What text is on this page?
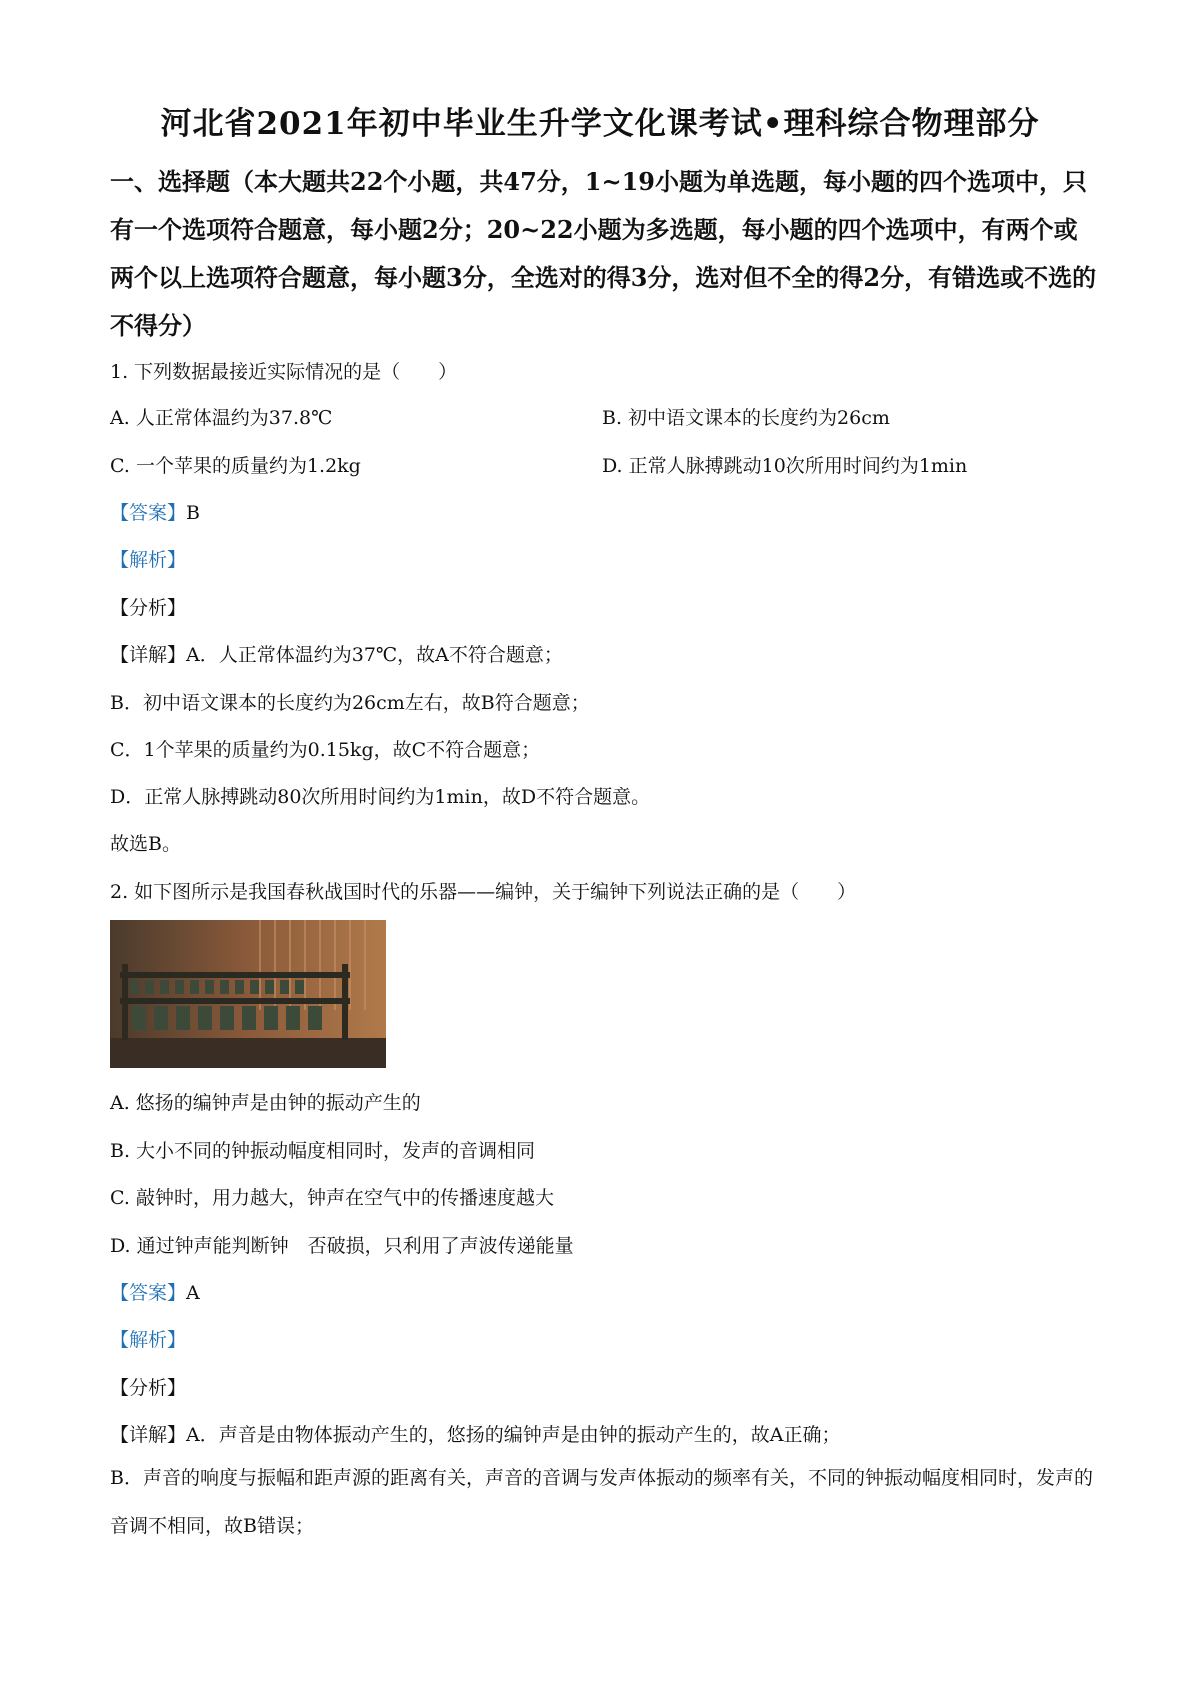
河北省2021年初中毕业生升学文化课考试•理科综合物理部分
一、选择题（本大题共22个小题，共47分，1~19小题为单选题，每小题的四个选项中，只有一个选项符合题意，每小题2分；20~22小题为多选题，每小题的四个选项中，有两个或两个以上选项符合题意，每小题3分，全选对的得3分，选对但不全的得2分，有错选或不选的不得分）
1. 下列数据最接近实际情况的是（　　）
A. 人正常体温约为37.8℃	B. 初中语文课本的长度约为26cm
C. 一个苹果的质量约为1.2kg	D. 正常人脉搏跳动10次所用时间约为1min
【答案】B
【解析】
【分析】
【详解】A．人正常体温约为37℃，故A不符合题意；
B．初中语文课本的长度约为26cm左右，故B符合题意；
C．1个苹果的质量约为0.15kg，故C不符合题意；
D．正常人脉搏跳动80次所用时间约为1min，故D不符合题意。
故选B。
2. 如下图所示是我国春秋战国时代的乐器——编钟，关于编钟下列说法正确的是（　　）
A. 悠扬的编钟声是由钟的振动产生的
B. 大小不同的钟振动幅度相同时，发声的音调相同
C. 敲钟时，用力越大，钟声在空气中的传播速度越大
D. 通过钟声能判断钟　否破损，只利用了声波传递能量
【答案】A
【解析】
【分析】
【详解】A．声音是由物体振动产生的，悠扬的编钟声是由钟的振动产生的，故A正确；
B．声音的响度与振幅和距声源的距离有关，声音的音调与发声体振动的频率有关，不同的钟振动幅度相同时，发声的音调不相同，故B错误；
